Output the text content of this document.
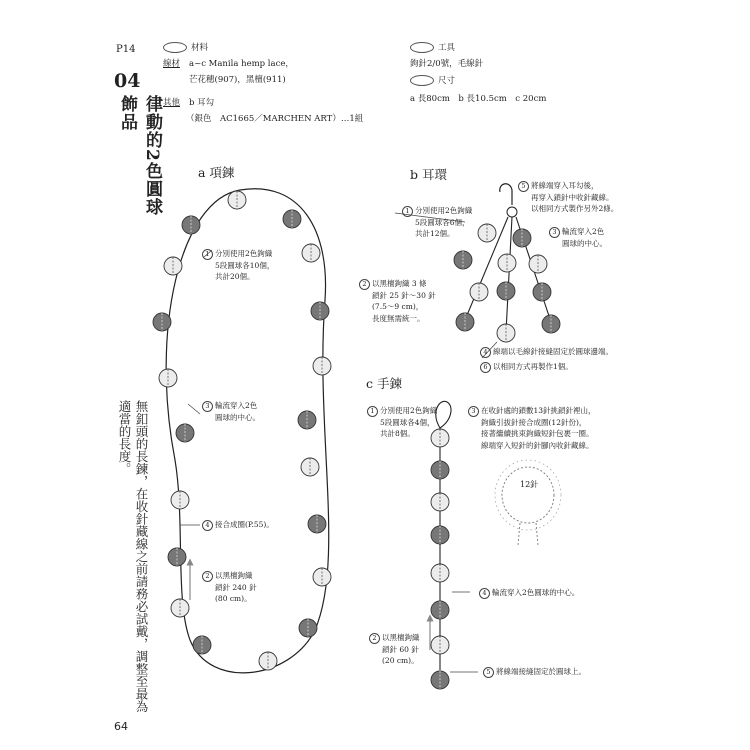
P14
04
律動的2色圓球飾品
材料
線材 a~c Manila hemp lace，
芒花穗(907)，黑檀(911)
其他 b 耳勾
（銀色　AC1665／MARCHEN ART）…1組
工具
鉤針2/0號，毛線針
尺寸
a 長80cm　b 長10.5cm　c 20cm
無釦頭的長鍊，在收針藏線之前請務必試戴，調整至最為適當的長度。
64
a 項鍊	b 耳環
c 手鍊
12針
1 分別使用2色鉤織
5段圓球各10個，
共計20個。
3 輪流穿入2色
圓球的中心。
4 接合成圈(P.55)。
2 以黑檀鉤織
鎖針 240 針
(80 cm)。
5 將線端穿入耳勾後，
再穿入鎖針中收針藏線。
以相同方式製作另外2條。
1 分別使用2色鉤織
5段圓球各6個，
共計12個。	3 輪流穿入2色
圓球的中心。
2 以黑檀鉤織 3 條
鎖針 25 針～30 針
(7.5～9 cm)，
長度無需統一。
4 線端以毛線針接縫固定於圓球邊端。
6 以相同方式再製作1個。
1 分別使用2色鉤織
5段圓球各4個，
共計8個。
3 在收針處的鎖數13針挑鎖針裡山，
鉤織引拔針接合成圈(12針份)，
接著繼續挑束鉤織短針包裹一圈。
線端穿入短針的針腳內收針藏線。
4 輪流穿入2色圓球的中心。
2 以黑檀鉤織
鎖針 60 針
(20 cm)。
5 將線端接縫固定於圓球上。
